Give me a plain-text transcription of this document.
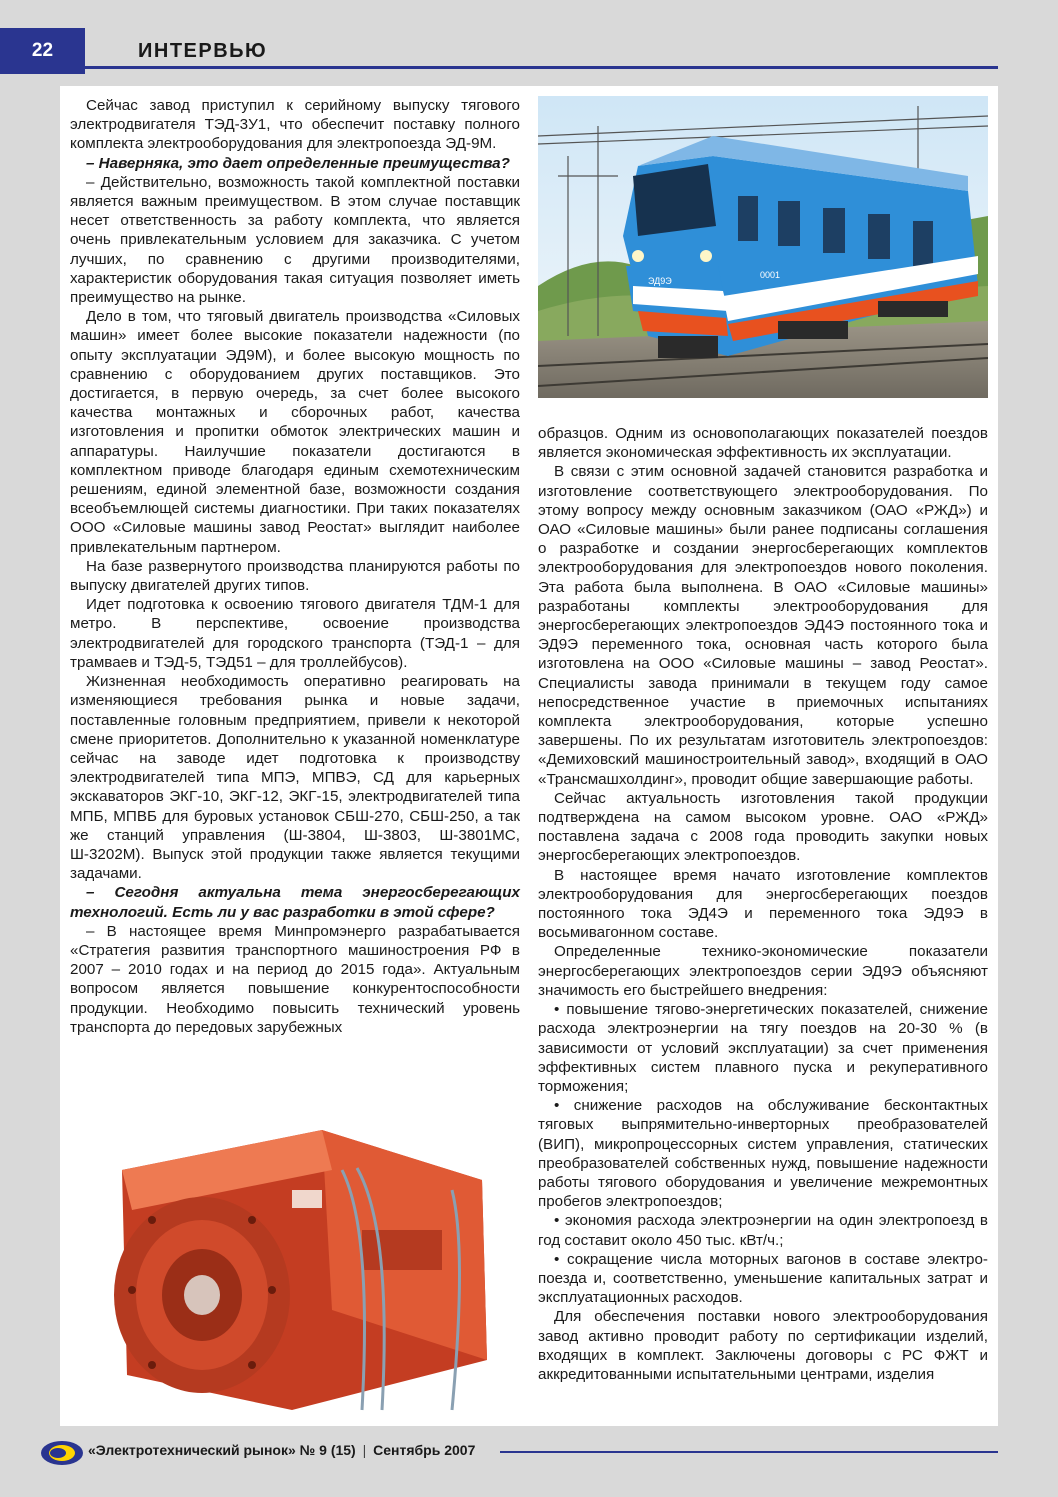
22	ИНТЕРВЬЮ

Сейчас завод приступил к серийному выпуску тягового электродвигателя ТЭД-3У1, что обеспечит поставку полного комплекта электрооборудования для электропоезда ЭД-9М.

– Наверняка, это дает определенные преимущества?

– Действительно, возможность такой комплектной поставки является важным преимуществом. В этом случае поставщик несет ответственность за работу комплекта, что является очень привлекательным условием для заказчика. С учетом лучших, по сравнению с другими производителями, характеристик оборудования такая ситуация позволяет иметь преимущество на рынке.

Дело в том, что тяговый двигатель производства «Силовых машин» имеет более высокие показатели надежности (по опыту эксплуатации ЭД9М), и более высокую мощность по сравнению с оборудованием других поставщиков. Это достигается, в первую очередь, за счет более высокого качества монтажных и сборочных работ, качества изготовления и пропитки обмоток электрических машин и аппаратуры. Наилучшие показатели достигаются в комплектном приводе благодаря единым схемотехническим решениям, единой элементной базе, возможности создания всеобъемлющей системы диагностики. При таких показателях ООО «Силовые машины завод Реостат» выглядит наиболее привлекательным партнером.

На базе развернутого производства планируются работы по выпуску двигателей других типов.

Идет подготовка к освоению тягового двигателя ТДМ-1 для метро. В перспективе, освоение производства электродвигателей для городского транспорта (ТЭД-1 – для трамваев и ТЭД-5, ТЭД51 – для троллейбусов).

Жизненная необходимость оперативно реагировать на изменяющиеся требования рынка и новые задачи, поставленные головным предприятием, привели к некоторой смене приоритетов. Дополнительно к указанной номенклатуре сейчас на заводе идет подготовка к производству электродвигателей типа МПЭ, МПВЭ, СД для карьерных экскаваторов ЭКГ-10, ЭКГ-12, ЭКГ-15, электродвигателей типа МПБ, МПВБ для буровых установок СБШ-270, СБШ-250, а так же станций управления (Ш-3804, Ш-3803, Ш-3801МС, Ш-3202М). Выпуск этой продукции также является текущими задачами.

– Сегодня актуальна тема энергосберегающих технологий. Есть ли у вас разработки в этой сфере?

– В настоящее время Минпромэнерго разрабатывается «Стратегия развития транспортного машиностроения РФ в 2007 – 2010 годах и на период до 2015 года». Актуальным вопросом является повышение конкурентоспособности продукции. Необходимо повысить технический уровень транспорта до передовых зарубежных

образцов. Одним из основополагающих показателей поездов является экономическая эффективность их эксплуатации.

В связи с этим основной задачей становится разработка и изготовление соответствующего электрооборудования. По этому вопросу между основным заказчиком (ОАО «РЖД») и ОАО «Силовые машины» были ранее подписаны соглашения о разработке и создании энергосберегающих комплектов электрооборудования для электропоездов нового поколения. Эта работа была выполнена. В ОАО «Силовые машины» разработаны комплекты электрооборудования для энергосберегающих электропоездов ЭД4Э постоянного тока и ЭД9Э переменного тока, основная часть которого была изготовлена на ООО «Силовые машины – завод Реостат». Специалисты завода принимали в текущем году самое непосредственное участие в приемочных испытаниях комплекта электрооборудования, которые успешно завершены. По их результатам изготовитель электропоездов: «Демиховский машиностроительный завод», входящий в ОАО «Трансмашхолдинг», проводит общие завершающие работы.

Сейчас актуальность изготовления такой продукции подтверждена на самом высоком уровне. ОАО «РЖД» поставлена задача с 2008 года проводить закупки новых энергосберегающих электропоездов.

В настоящее время начато изготовление комплектов электрооборудования для энергосберегающих поездов постоянного тока ЭД4Э и переменного тока ЭД9Э в восьмивагонном составе.

Определенные технико-экономические показатели энергосберегающих электропоездов серии ЭД9Э объясняют значимость его быстрейшего внедрения:

• повышение тягово-энергетических показателей, снижение расхода электроэнергии на тягу поездов на 20-30 % (в зависимости от условий эксплуатации) за счет применения эффективных систем плавного пуска и рекуперативного торможения;

• снижение расходов на обслуживание бесконтактных тяговых выпрямительно-инверторных преобразователей (ВИП), микропроцессорных систем управления, статических преобразователей собственных нужд, повышение надежности работы тягового оборудования и увеличение межремонтных пробегов электропоездов;

• экономия расхода электроэнергии на один электропоезд в год составит около 450 тыс. кВт/ч.;

• сокращение числа моторных вагонов в составе электро-поезда и, соответственно, уменьшение капитальных затрат и эксплуатационных расходов.

Для обеспечения поставки нового электрооборудования завод активно проводит работу по сертификации изделий, входящих в комплект. Заключены договоры с РС ФЖТ и аккредитованными испытательными центрами, изделия

ЭД9Э
0001
«Электротехнический рынок» № 9 (15) | Сентябрь 2007
